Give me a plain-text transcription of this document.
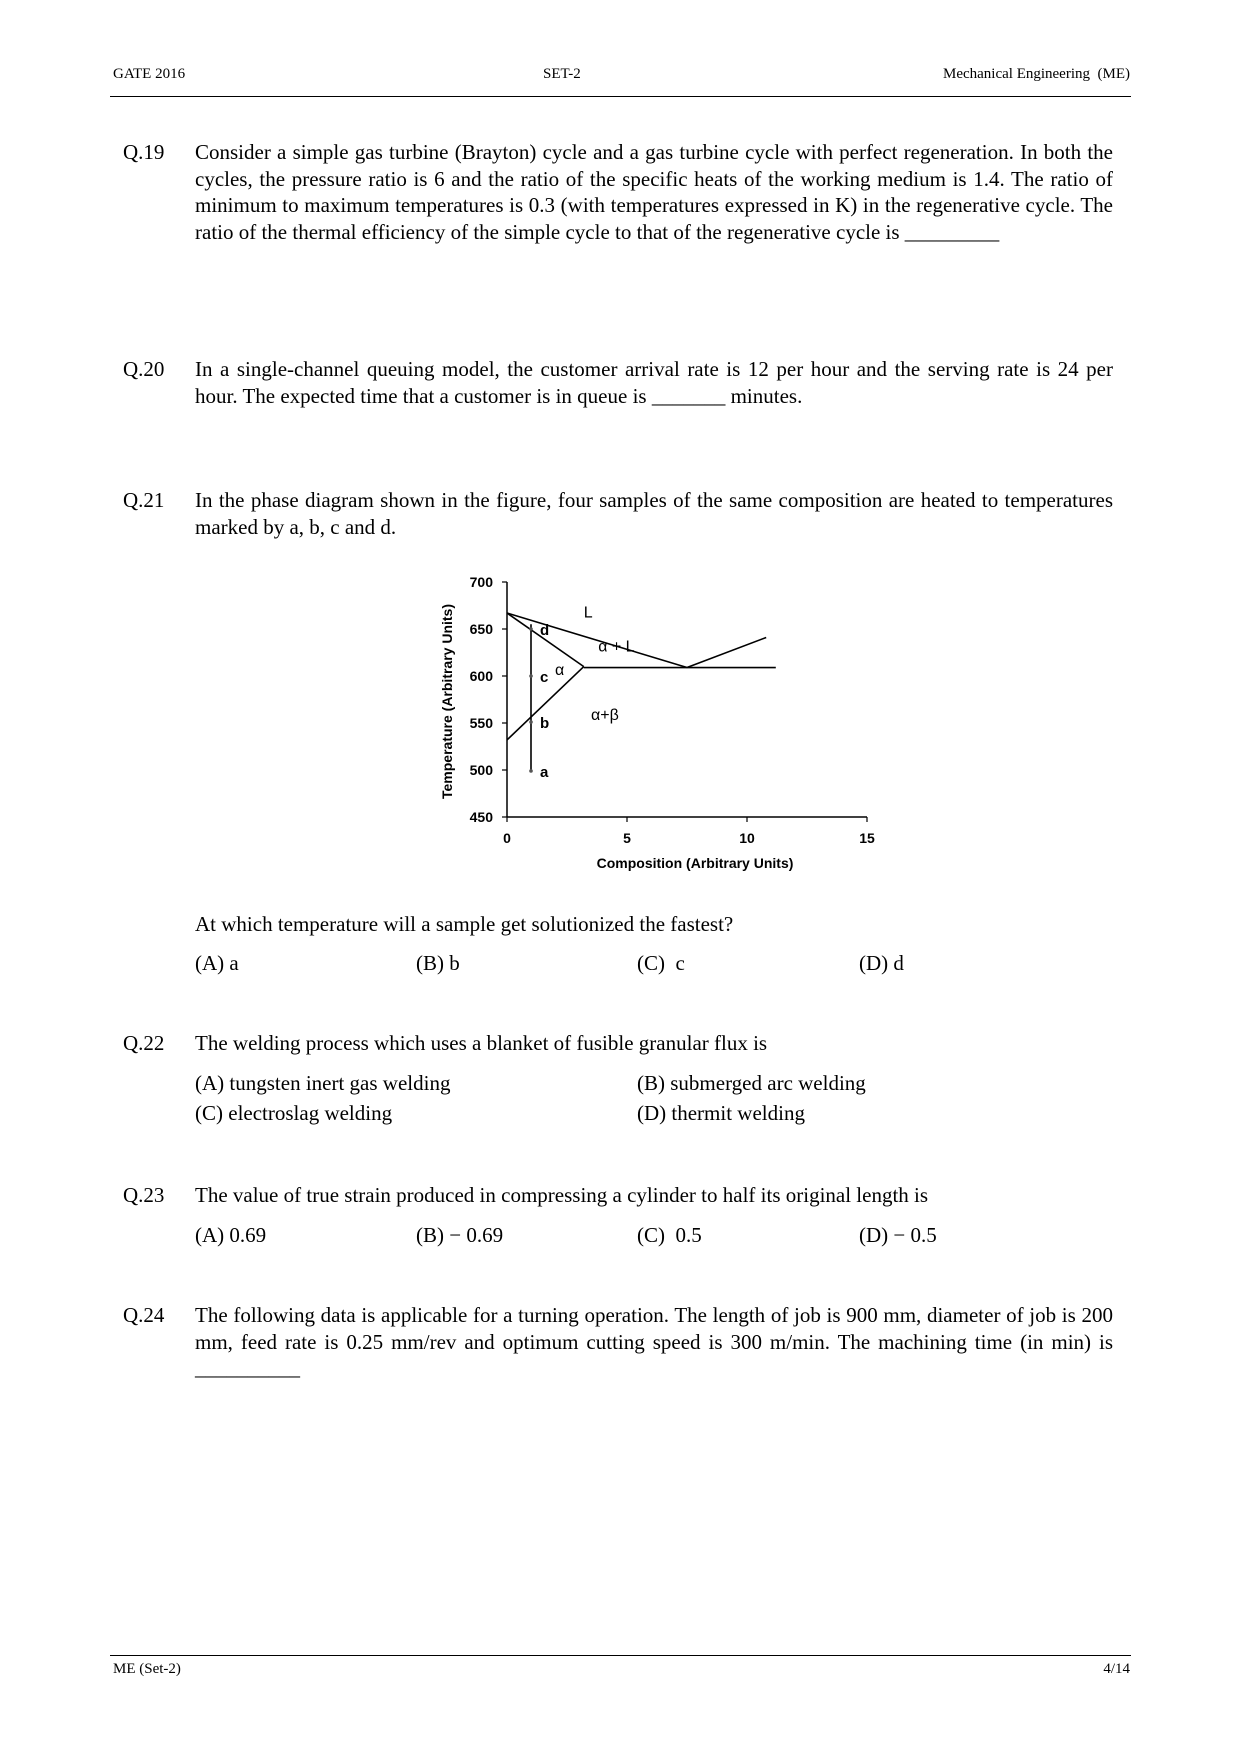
GATE 2016	SET-2	Mechanical Engineering  (ME)
Q.19 Consider a simple gas turbine (Brayton) cycle and a gas turbine cycle with perfect regeneration. In both the cycles, the pressure ratio is 6 and the ratio of the specific heats of the working medium is 1.4. The ratio of minimum to maximum temperatures is 0.3 (with temperatures expressed in K) in the regenerative cycle. The ratio of the thermal efficiency of the simple cycle to that of the regenerative cycle is _________
Q.20 In a single-channel queuing model, the customer arrival rate is 12 per hour and the serving rate is 24 per hour. The expected time that a customer is in queue is _______ minutes.
Q.21 In the phase diagram shown in the figure, four samples of the same composition are heated to temperatures marked by a, b, c and d.
700
650
600
550
500
450
0	5	10	15
Composition (Arbitrary Units)
Temperature (Arbitrary Units)	L
α + L
α
α+β
a
b
c
d
At which temperature will a sample get solutionized the fastest?
(A) a	(B) b	(C)  c	(D) d
Q.22 The welding process which uses a blanket of fusible granular flux is
(A) tungsten inert gas welding	(B) submerged arc welding
(C) electroslag welding	(D) thermit welding
Q.23 The value of true strain produced in compressing a cylinder to half its original length is
(A) 0.69	(B) − 0.69	(C)  0.5	(D) − 0.5
Q.24 The following data is applicable for a turning operation. The length of job is 900 mm, diameter of job is 200 mm, feed rate is 0.25 mm/rev and optimum cutting speed is 300 m/min. The machining time (in min) is __________
ME (Set-2)	4/14
